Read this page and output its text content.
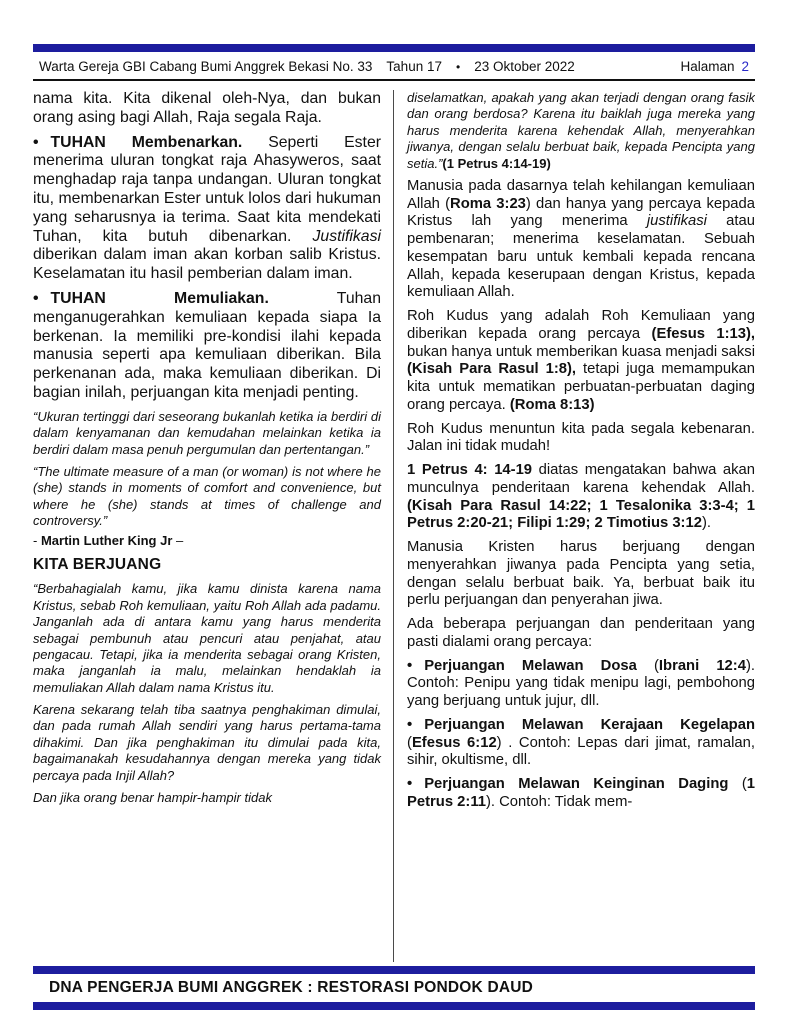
Warta Gereja GBI Cabang Bumi Anggrek Bekasi No. 33 Tahun 17 • 23 Oktober 2022	Halaman 2

nama kita. Kita dikenal oleh-Nya, dan bukan orang asing bagi Allah, Raja segala Raja.

• TUHAN Membenarkan. Seperti Ester menerima uluran tongkat raja Ahasyweros, saat menghadap raja tanpa undangan. Uluran tongkat itu, membenarkan Ester untuk lolos dari hukuman yang seharusnya ia terima. Saat kita mendekati Tuhan, kita butuh dibenarkan. Justifikasi diberikan dalam iman akan korban salib Kristus. Keselamatan itu hasil pemberian dalam iman.

• TUHAN Memuliakan. Tuhan menganugerahkan kemuliaan kepada siapa Ia berkenan. Ia memiliki pre-kondisi ilahi kepada manusia seperti apa kemuliaan diberikan. Bila perkenanan ada, maka kemuliaan diberikan. Di bagian inilah, perjuangan kita menjadi penting.

“Ukuran tertinggi dari seseorang bukanlah ketika ia berdiri di dalam kenyamanan dan kemudahan melainkan ketika ia berdiri dalam masa penuh pergumulan dan pertentangan.”

“The ultimate measure of a man (or woman) is not where he (she) stands in moments of comfort and convenience, but where he (she) stands at times of challenge and controversy.”

- Martin Luther King Jr –

KITA BERJUANG

“Berbahagialah kamu, jika kamu dinista karena nama Kristus, sebab Roh kemuliaan, yaitu Roh Allah ada padamu. Janganlah ada di antara kamu yang harus menderita sebagai pembunuh atau pencuri atau penjahat, atau pengacau. Tetapi, jika ia menderita sebagai orang Kristen, maka janganlah ia malu, melainkan hendaklah ia memuliakan Allah dalam nama Kristus itu.

Karena sekarang telah tiba saatnya penghakiman dimulai, dan pada rumah Allah sendiri yang harus pertama-tama dihakimi. Dan jika penghakiman itu dimulai pada kita, bagaimanakah kesudahannya dengan mereka yang tidak percaya pada Injil Allah?

Dan jika orang benar hampir-hampir tidak

diselamatkan, apakah yang akan terjadi dengan orang fasik dan orang berdosa? Karena itu baiklah juga mereka yang harus menderita karena kehendak Allah, menyerahkan jiwanya, dengan selalu berbuat baik, kepada Pencipta yang setia.”(1 Petrus 4:14-19)

Manusia pada dasarnya telah kehilangan kemuliaan Allah (Roma 3:23) dan hanya yang percaya kepada Kristus lah yang menerima justifikasi atau pembenaran; menerima keselamatan. Sebuah kesempatan baru untuk kembali kepada rencana Allah, kepada keserupaan dengan Kristus, kepada kemuliaan Allah.

Roh Kudus yang adalah Roh Kemuliaan yang diberikan kepada orang percaya (Efesus 1:13), bukan hanya untuk memberikan kuasa menjadi saksi (Kisah Para Rasul 1:8), tetapi juga memampukan kita untuk mematikan perbuatan-perbuatan daging orang percaya. (Roma 8:13)

Roh Kudus menuntun kita pada segala kebenaran. Jalan ini tidak mudah!

1 Petrus 4: 14-19 diatas mengatakan bahwa akan munculnya penderitaan karena kehendak Allah. (Kisah Para Rasul 14:22; 1 Tesalonika 3:3-4; 1 Petrus 2:20-21; Filipi 1:29; 2 Timotius 3:12).

Manusia Kristen harus berjuang dengan menyerahkan jiwanya pada Pencipta yang setia, dengan selalu berbuat baik. Ya, berbuat baik itu perlu perjuangan dan penyerahan jiwa.

Ada beberapa perjuangan dan penderitaan yang pasti dialami orang percaya:

• Perjuangan Melawan Dosa (Ibrani 12:4). Contoh: Penipu yang tidak menipu lagi, pembohong yang berjuang untuk jujur, dll.

• Perjuangan Melawan Kerajaan Kegelapan (Efesus 6:12) . Contoh: Lepas dari jimat, ramalan, sihir, okultisme, dll.

• Perjuangan Melawan Keinginan Daging (1 Petrus 2:11). Contoh: Tidak mem-

DNA PENGERJA BUMI ANGGREK : RESTORASI PONDOK DAUD
